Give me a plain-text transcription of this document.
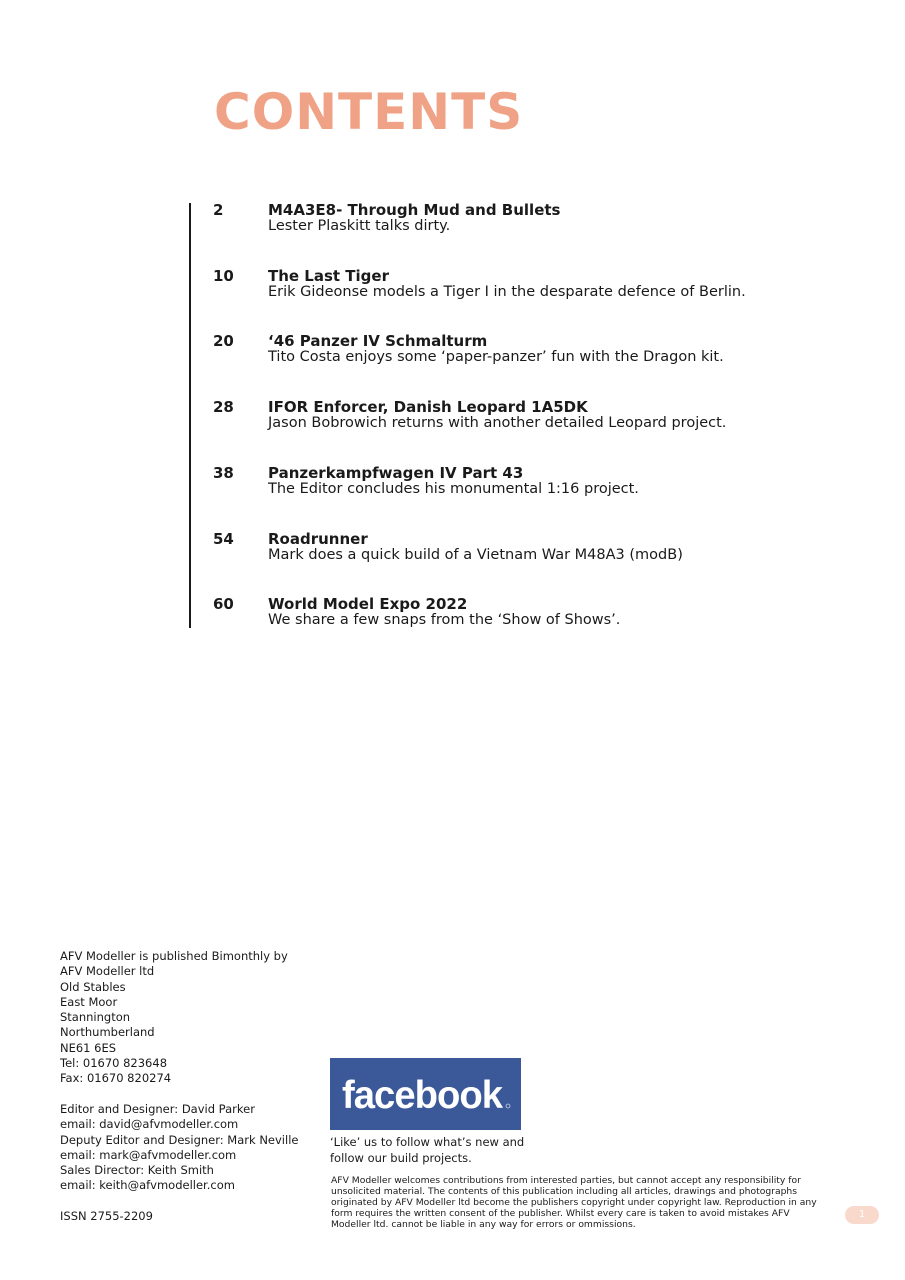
CONTENTS
2	M4A3E8- Through Mud and Bullets
Lester Plaskitt talks dirty.
10 The Last Tiger
Erik Gideonse models a Tiger I in the desparate defence of Berlin.
20 ‘46 Panzer IV Schmalturm
Tito Costa enjoys some ‘paper-panzer’ fun with the Dragon kit.
28 IFOR Enforcer, Danish Leopard 1A5DK
Jason Bobrowich returns with another detailed Leopard project.
38 Panzerkampfwagen IV Part 43
The Editor concludes his monumental 1:16 project.
54 Roadrunner
Mark does a quick build of a Vietnam War M48A3 (modB)
60 World Model Expo 2022
We share a few snaps from the ‘Show of Shows’.
AFV Modeller is published Bimonthly by
AFV Modeller ltd
Old Stables
East Moor
Stannington
Northumberland
NE61 6ES
Tel: 01670 823648
Fax: 01670 820274
Editor and Designer: David Parker
email: david@afvmodeller.com
Deputy Editor and Designer: Mark Neville
email: mark@afvmodeller.com
Sales Director: Keith Smith
email: keith@afvmodeller.com
ISSN 2755-2209
facebook
‘Like’ us to follow what’s new and follow our build projects.
AFV Modeller welcomes contributions from interested parties, but cannot accept any responsibility for unsolicited material. The contents of this publication including all articles, drawings and photographs originated by AFV Modeller ltd become the publishers copyright under copyright law. Reproduction in any form requires the written consent of the publisher. Whilst every care is taken to avoid mistakes AFV Modeller ltd. cannot be liable in any way for errors or ommissions.
1
